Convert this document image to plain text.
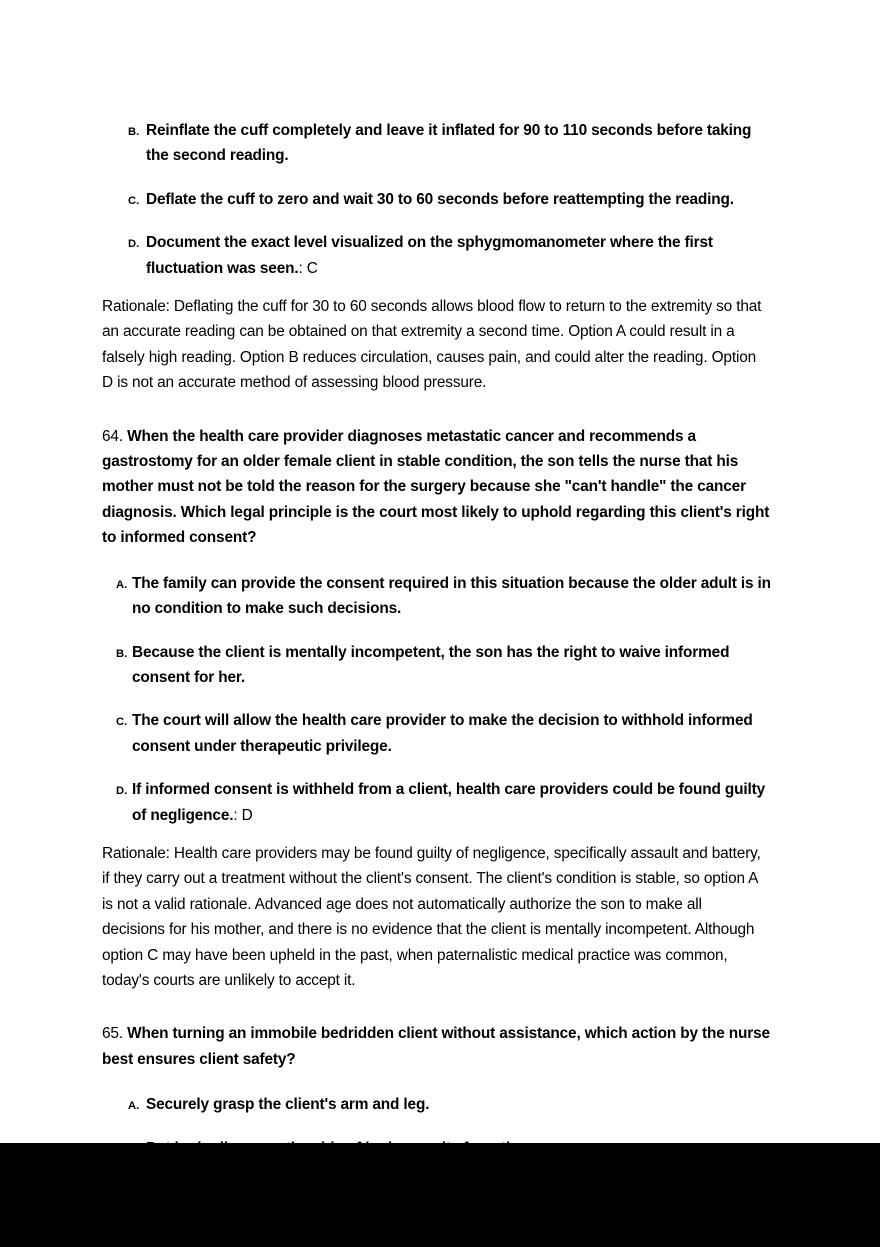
B. Reinflate the cuff completely and leave it inflated for 90 to 110 seconds before taking the second reading.
C. Deflate the cuff to zero and wait 30 to 60 seconds before reattempting the reading.
D. Document the exact level visualized on the sphygmomanometer where the first fluctuation was seen.: C

Rationale: Deflating the cuff for 30 to 60 seconds allows blood flow to return to the extremity so that an accurate reading can be obtained on that extremity a second time. Option A could result in a falsely high reading. Option B reduces circulation, causes pain, and could alter the reading. Option D is not an accurate method of assessing blood pressure.

64. When the health care provider diagnoses metastatic cancer and recommends a gastrostomy for an older female client in stable condition, the son tells the nurse that his mother must not be told the reason for the surgery because she "can't handle" the cancer diagnosis. Which legal principle is the court most likely to uphold regarding this client's right to informed consent?

A. The family can provide the consent required in this situation because the older adult is in no condition to make such decisions.
B. Because the client is mentally incompetent, the son has the right to waive informed consent for her.
C. The court will allow the health care provider to make the decision to withhold informed consent under therapeutic privilege.
D. If informed consent is withheld from a client, health care providers could be found guilty of negligence.: D

Rationale: Health care providers may be found guilty of negligence, specifically assault and battery, if they carry out a treatment without the client's consent. The client's condition is stable, so option A is not a valid rationale. Advanced age does not automatically authorize the son to make all decisions for his mother, and there is no evidence that the client is mentally incompetent. Although option C may have been upheld in the past, when paternalistic medical practice was common, today's courts are unlikely to accept it.

65. When turning an immobile bedridden client without assistance, which action by the nurse best ensures client safety?

A. Securely grasp the client's arm and leg.
